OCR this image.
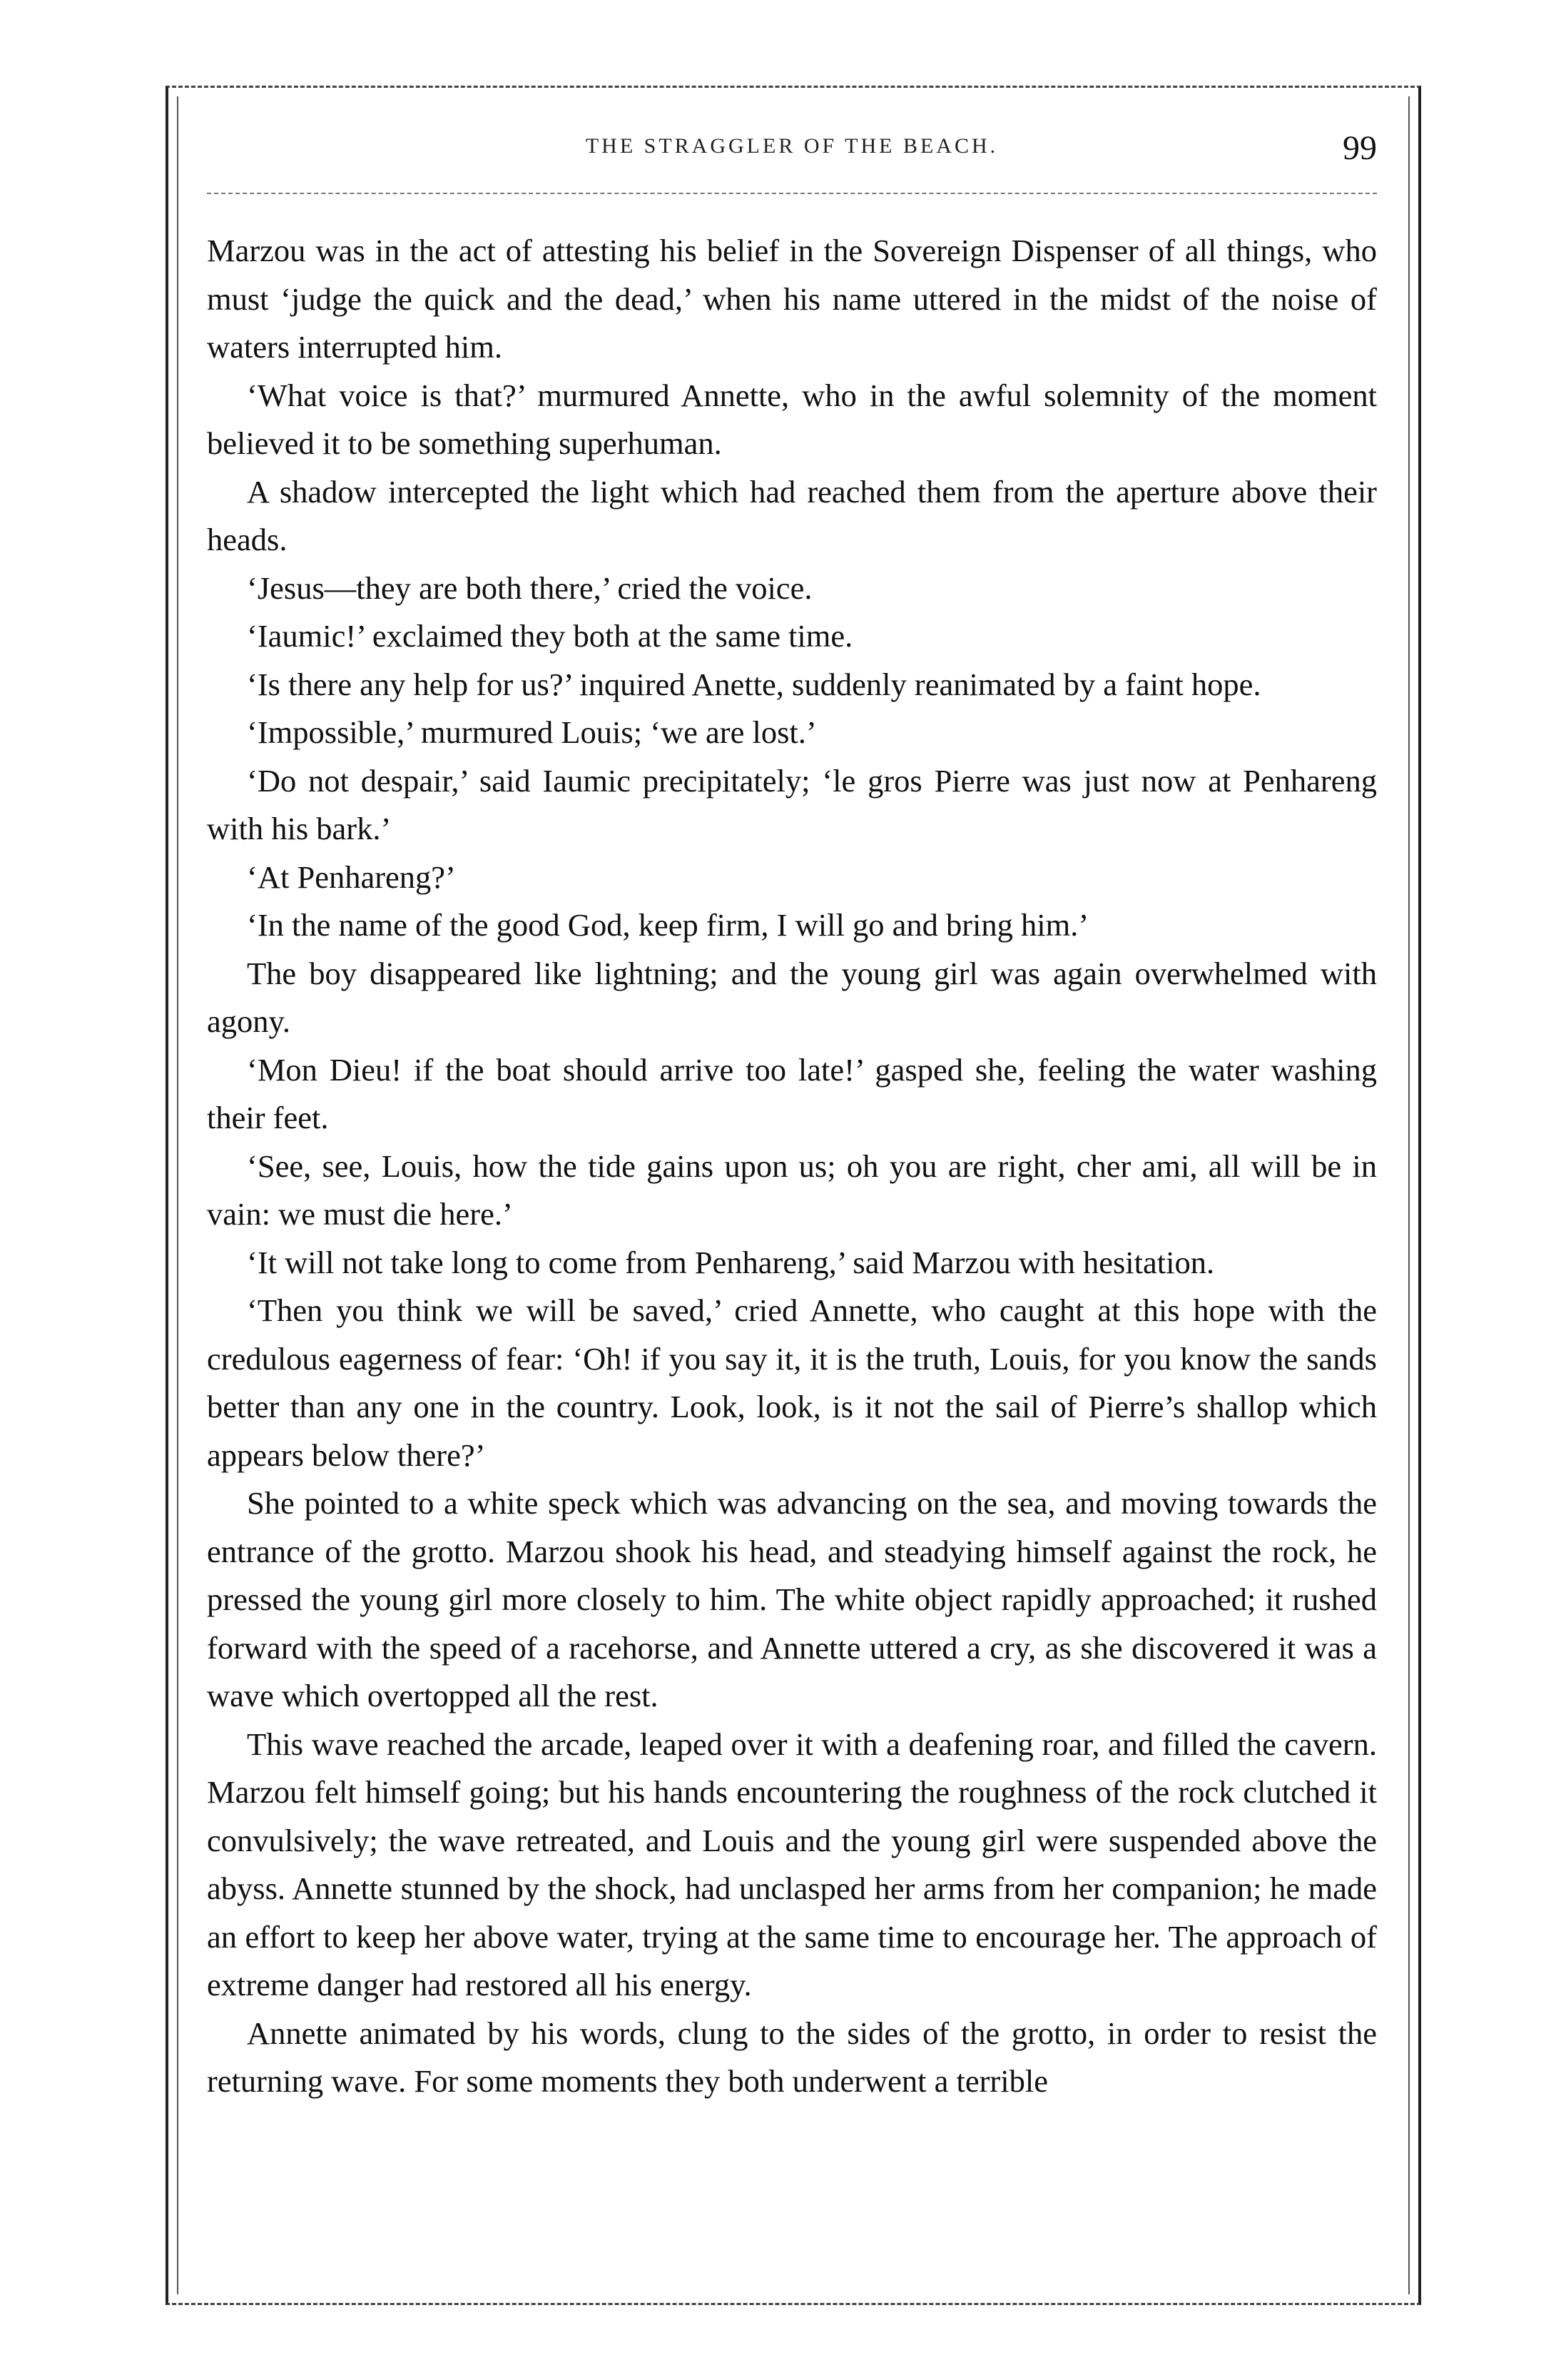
THE STRAGGLER OF THE BEACH.	99

Marzou was in the act of attesting his belief in the Sovereign Dispenser of all things, who must ‘judge the quick and the dead,’ when his name uttered in the midst of the noise of waters interrupted him.

‘What voice is that?’ murmured Annette, who in the awful solemnity of the moment believed it to be something superhuman.

A shadow intercepted the light which had reached them from the aperture above their heads.

‘Jesus—they are both there,’ cried the voice.

‘Iaumic!’ exclaimed they both at the same time.

‘Is there any help for us?’ inquired Anette, suddenly reanimated by a faint hope.

‘Impossible,’ murmured Louis; ‘we are lost.’

‘Do not despair,’ said Iaumic precipitately; ‘le gros Pierre was just now at Penhareng with his bark.’

‘At Penhareng?’

‘In the name of the good God, keep firm, I will go and bring him.’

The boy disappeared like lightning; and the young girl was again overwhelmed with agony.

‘Mon Dieu! if the boat should arrive too late!’ gasped she, feeling the water washing their feet.

‘See, see, Louis, how the tide gains upon us; oh you are right, cher ami, all will be in vain: we must die here.’

‘It will not take long to come from Penhareng,’ said Marzou with hesitation.

‘Then you think we will be saved,’ cried Annette, who caught at this hope with the credulous eagerness of fear: ‘Oh! if you say it, it is the truth, Louis, for you know the sands better than any one in the country. Look, look, is it not the sail of Pierre’s shallop which appears below there?’

She pointed to a white speck which was advancing on the sea, and moving towards the entrance of the grotto. Marzou shook his head, and steadying himself against the rock, he pressed the young girl more closely to him. The white object rapidly approached; it rushed forward with the speed of a racehorse, and Annette uttered a cry, as she discovered it was a wave which overtopped all the rest.

This wave reached the arcade, leaped over it with a deafening roar, and filled the cavern. Marzou felt himself going; but his hands encountering the roughness of the rock clutched it convulsively; the wave retreated, and Louis and the young girl were suspended above the abyss. Annette stunned by the shock, had unclasped her arms from her companion; he made an effort to keep her above water, trying at the same time to encourage her. The approach of extreme danger had restored all his energy.

Annette animated by his words, clung to the sides of the grotto, in order to resist the returning wave. For some moments they both underwent a terrible
